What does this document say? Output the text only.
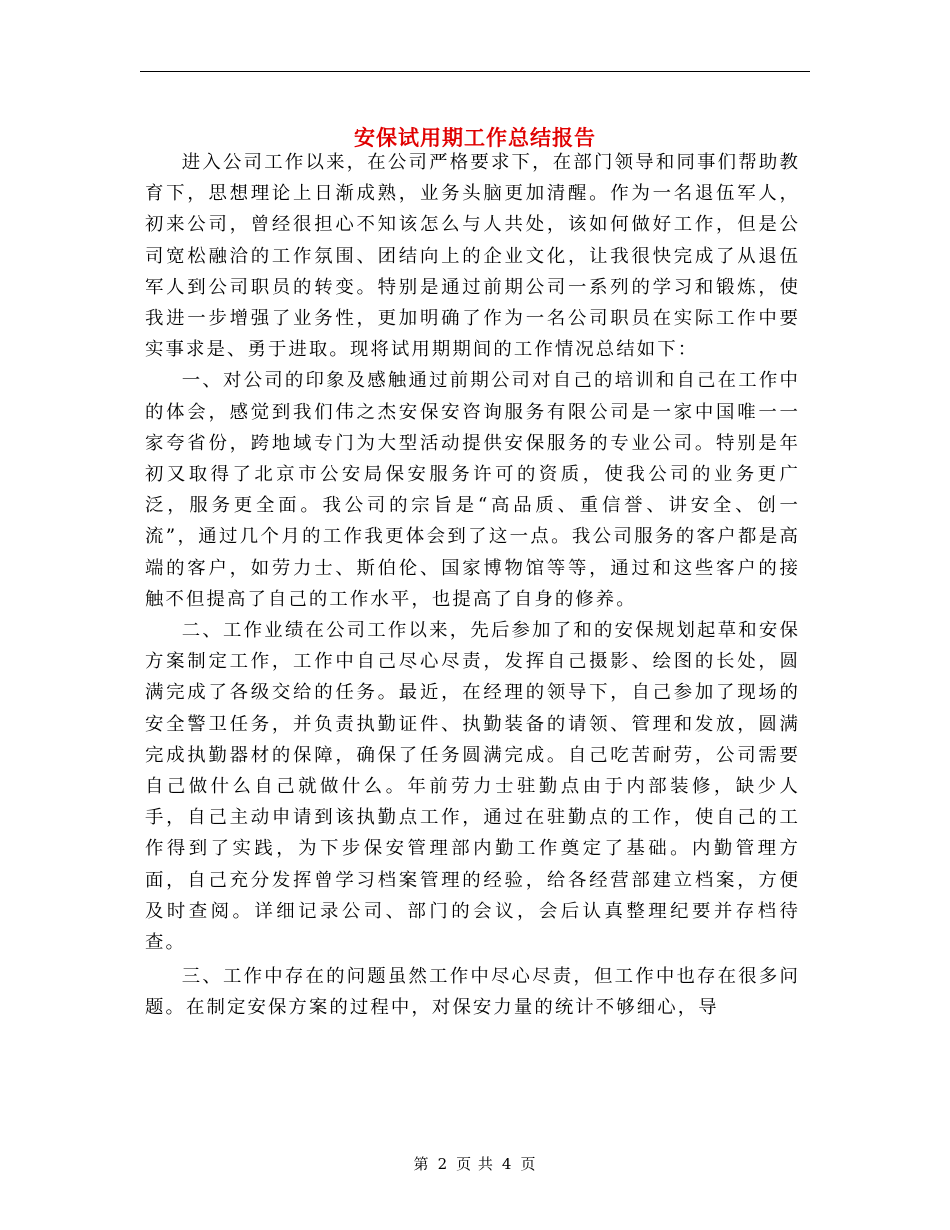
安保试用期工作总结报告

进入公司工作以来，在公司严格要求下，在部门领导和同事们帮助教育下，思想理论上日渐成熟，业务头脑更加清醒。作为一名退伍军人，初来公司，曾经很担心不知该怎么与人共处，该如何做好工作，但是公司宽松融洽的工作氛围、团结向上的企业文化，让我很快完成了从退伍军人到公司职员的转变。特别是通过前期公司一系列的学习和锻炼，使我进一步增强了业务性，更加明确了作为一名公司职员在实际工作中要实事求是、勇于进取。现将试用期期间的工作情况总结如下：

一、对公司的印象及感触通过前期公司对自己的培训和自己在工作中的体会，感觉到我们伟之杰安保安咨询服务有限公司是一家中国唯一一家夸省份，跨地域专门为大型活动提供安保服务的专业公司。特别是年初又取得了北京市公安局保安服务许可的资质，使我公司的业务更广泛，服务更全面。我公司的宗旨是“高品质、重信誉、讲安全、创一流”，通过几个月的工作我更体会到了这一点。我公司服务的客户都是高端的客户，如劳力士、斯伯伦、国家博物馆等等，通过和这些客户的接触不但提高了自己的工作水平，也提高了自身的修养。

二、工作业绩在公司工作以来，先后参加了和的安保规划起草和安保方案制定工作，工作中自己尽心尽责，发挥自己摄影、绘图的长处，圆满完成了各级交给的任务。最近，在经理的领导下，自己参加了现场的安全警卫任务，并负责执勤证件、执勤装备的请领、管理和发放，圆满完成执勤器材的保障，确保了任务圆满完成。自己吃苦耐劳，公司需要自己做什么自己就做什么。年前劳力士驻勤点由于内部装修，缺少人手，自己主动申请到该执勤点工作，通过在驻勤点的工作，使自己的工作得到了实践，为下步保安管理部内勤工作奠定了基础。内勤管理方面，自己充分发挥曾学习档案管理的经验，给各经营部建立档案，方便及时查阅。详细记录公司、部门的会议，会后认真整理纪要并存档待查。

三、工作中存在的问题虽然工作中尽心尽责，但工作中也存在很多问题。在制定安保方案的过程中，对保安力量的统计不够细心，导

第 2 页 共 4 页
